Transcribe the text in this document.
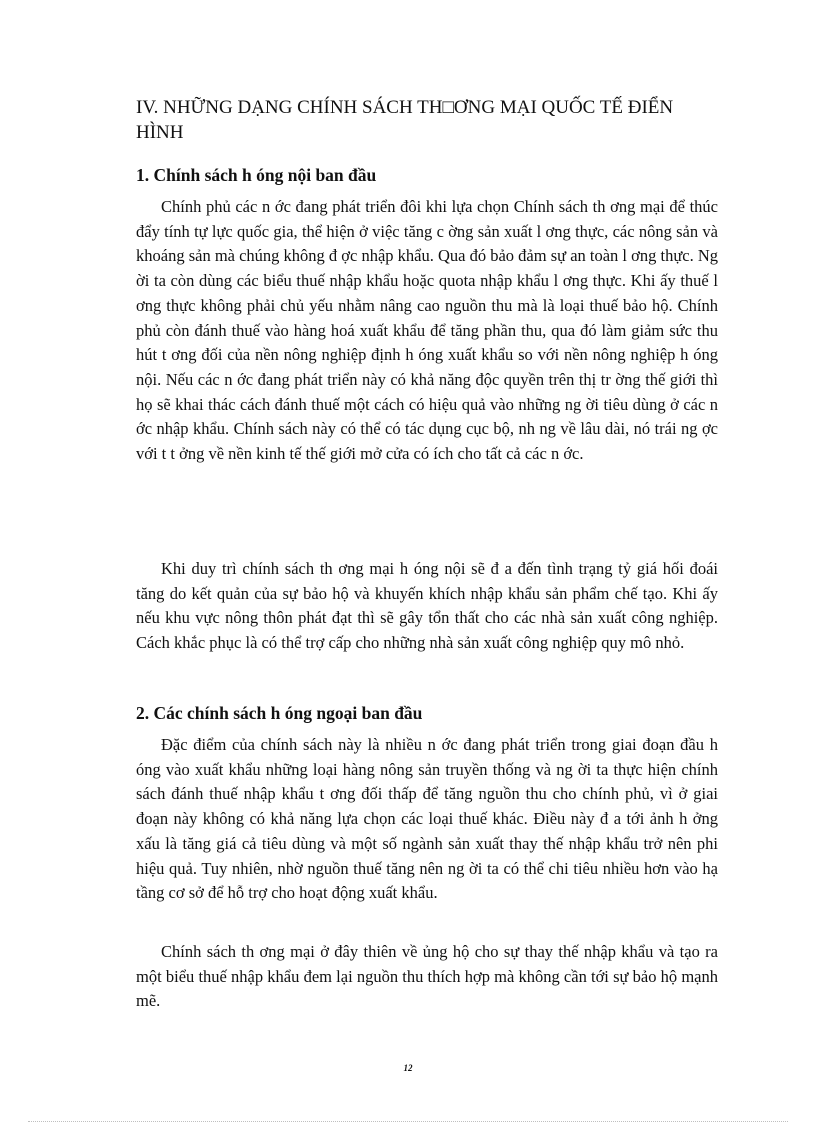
IV. NHỮNG DẠNG CHÍNH SÁCH TH□ƠNG MẠI QUỐC TẾ ĐIỂN HÌNH
1. Chính sách h óng nội ban đầu

Chính phủ các n ớc đang phát triển đôi khi lựa chọn Chính sách th ơng mại để thúc đẩy tính tự lực quốc gia, thể hiện ở việc tăng c ờng sản xuất l ơng thực, các nông sản và khoáng sản mà chúng không đ ợc nhập khẩu. Qua đó bảo đảm sự an toàn l ơng thực. Ng ời ta còn dùng các biểu thuế nhập khẩu hoặc quota nhập khẩu l ơng thực. Khi ấy thuế l ơng thực không phải chủ yếu nhằm nâng cao nguồn thu mà là loại thuế bảo hộ. Chính phủ còn đánh thuế vào hàng hoá xuất khẩu để tăng phần thu, qua đó làm giảm sức thu hút t ơng đối của nền nông nghiệp định h óng xuất khẩu so với nền nông nghiệp h óng nội. Nếu các n ớc đang phát triển này có khả năng độc quyền trên thị tr ờng thế giới thì họ sẽ khai thác cách đánh thuế một cách có hiệu quả vào những ng ời tiêu dùng ở các n ớc nhập khẩu. Chính sách này có thể có tác dụng cục bộ, nh ng về lâu dài, nó trái ng ợc với t t ởng về nền kinh tế thế giới mở cửa có ích cho tất cả các n ớc.

Khi duy trì chính sách th ơng mại h óng nội sẽ đ a đến tình trạng tỷ giá hối đoái tăng do kết quản của sự bảo hộ và khuyến khích nhập khẩu sản phẩm chế tạo. Khi ấy nếu khu vực nông thôn phát đạt thì sẽ gây tổn thất cho các nhà sản xuất công nghiệp. Cách khắc phục là có thể trợ cấp cho những nhà sản xuất công nghiệp quy mô nhỏ.

2. Các chính sách h óng ngoại ban đầu

Đặc điểm của chính sách này là nhiều n ớc đang phát triển trong giai đoạn đầu h óng vào xuất khẩu những loại hàng nông sản truyền thống và ng ời ta thực hiện chính sách đánh thuế nhập khẩu t ơng đối thấp để tăng nguồn thu cho chính phủ, vì ở giai đoạn này không có khả năng lựa chọn các loại thuế khác. Điều này đ a tới ảnh h ởng xấu là tăng giá cả tiêu dùng và một số ngành sản xuất thay thế nhập khẩu trở nên phi hiệu quả. Tuy nhiên, nhờ nguồn thuế tăng nên ng ời ta có thể chi tiêu nhiều hơn vào hạ tầng cơ sở để hỗ trợ cho hoạt động xuất khẩu.

Chính sách th ơng mại ở đây thiên về ủng hộ cho sự thay thế nhập khẩu và tạo ra một biểu thuế nhập khẩu đem lại nguồn thu thích hợp mà không cần tới sự bảo hộ mạnh mẽ.

12
